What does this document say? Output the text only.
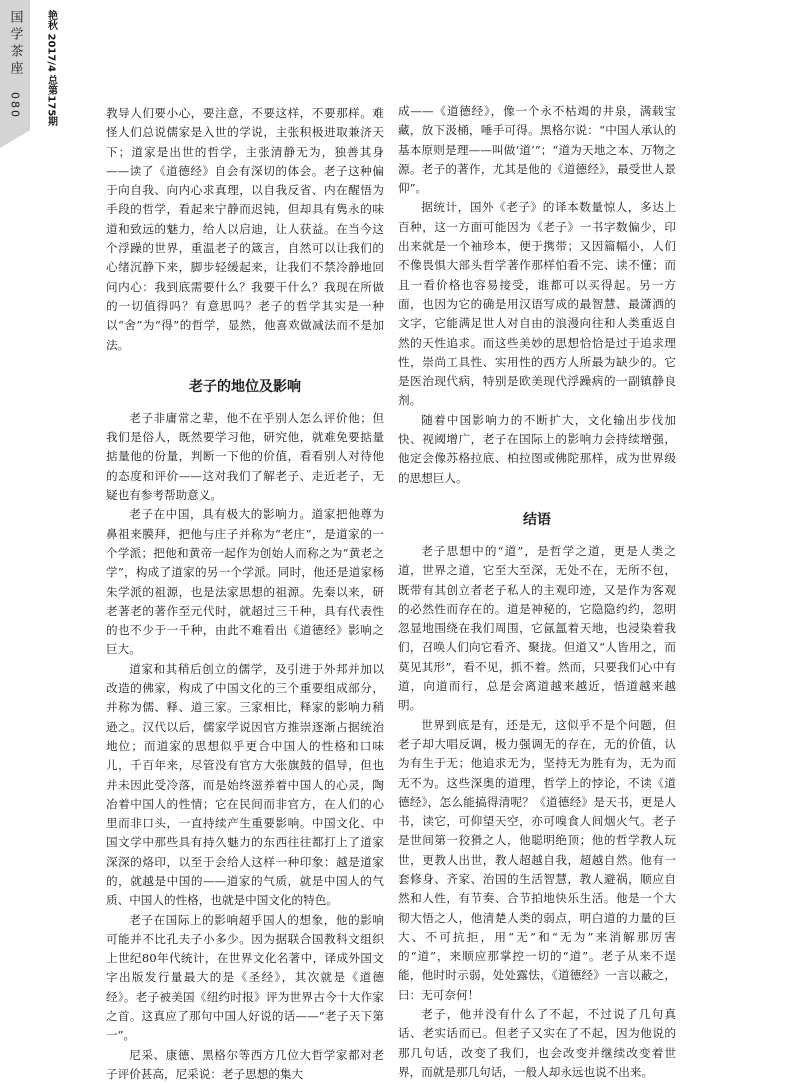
国学茶座
080	艳秋 2017/4 总第175期	教导人们要小心，要注意，不要这样，不要那样。难怪人们总说儒家是入世的学说，主张积极进取兼济天下；道家是出世的哲学，主张清静无为，独善其身——读了《道德经》自会有深切的体会。老子这种偏于向自我、向内心求真理，以自我反省、内在醒悟为手段的哲学，看起来宁静而迟钝，但却具有隽永的味道和致远的魅力，给人以启迪，让人获益。在当今这个浮躁的世界，重温老子的箴言，自然可以让我们的心绪沉静下来，脚步轻缓起来，让我们不禁冷静地回问内心：我到底需要什么？我要干什么？我现在所做的一切值得吗？有意思吗？老子的哲学其实是一种以“舍”为“得”的哲学，显然，他喜欢做减法而不是加法。

老子的地位及影响

老子非庸常之辈，他不在乎别人怎么评价他；但我们是俗人，既然要学习他，研究他，就难免要掂量掂量他的份量，判断一下他的价值，看看别人对待他的态度和评价——这对我们了解老子、走近老子，无疑也有参考帮助意义。

老子在中国，具有极大的影响力。道家把他尊为鼻祖来膜拜，把他与庄子并称为“老庄”，是道家的一个学派；把他和黄帝一起作为创始人而称之为“黄老之学”，构成了道家的另一个学派。同时，他还是道家杨朱学派的祖源，也是法家思想的祖源。先秦以来，研老著老的著作至元代时，就超过三千种，具有代表性的也不少于一千种，由此不难看出《道德经》影响之巨大。

道家和其稍后创立的儒学，及引进于外邦并加以改造的佛家，构成了中国文化的三个重要组成部分，并称为儒、释、道三家。三家相比，释家的影响力稍逊之。汉代以后，儒家学说因官方推崇逐渐占据统治地位；而道家的思想似乎更合中国人的性格和口味儿，千百年来，尽管没有官方大张旗鼓的倡导，但也并未因此受冷落，而是始终滋养着中国人的心灵，陶冶着中国人的性情；它在民间而非官方，在人们的心里而非口头，一直持续产生重要影响。中国文化、中国文学中那些具有持久魅力的东西往往都打上了道家深深的烙印，以至于会给人这样一种印象：越是道家的，就越是中国的——道家的气质，就是中国人的气质、中国人的性格，也就是中国文化的特色。

老子在国际上的影响超乎国人的想象，他的影响可能并不比孔夫子小多少。因为据联合国教科文组织上世纪80年代统计，在世界文化名著中，译成外国文字出版发行量最大的是《圣经》，其次就是《道德经》。老子被美国《纽约时报》评为世界古今十大作家之首。这真应了那句中国人好说的话——“老子天下第一”。

尼采、康德、黑格尔等西方几位大哲学家都对老子评价甚高，尼采说：老子思想的集大

成——《道德经》，像一个永不枯竭的井泉，满载宝藏，放下汲桶，唾手可得。黑格尔说：“中国人承认的基本原则是理——叫做‘道’”；“道为天地之本、万物之源。老子的著作，尤其是他的《道德经》，最受世人景仰”。

据统计，国外《老子》的译本数量惊人，多达上百种，这一方面可能因为《老子》一书字数偏少，印出来就是一个袖珍本，便于携带；又因篇幅小，人们不像畏惧大部头哲学著作那样怕看不完、读不懂；而且一看价格也容易接受，谁都可以买得起。另一方面，也因为它的确是用汉语写成的最智慧、最潇洒的文字，它能满足世人对自由的浪漫向往和人类重返自然的天性追求。而这些美妙的思想恰恰是过于追求理性，崇尚工具性、实用性的西方人所最为缺少的。它是医治现代病，特别是欧美现代浮躁病的一副镇静良剂。

随着中国影响力的不断扩大，文化输出步伐加快、视阈增广，老子在国际上的影响力会持续增强，他定会像苏格拉底、柏拉图或佛陀那样，成为世界级的思想巨人。

结语

老子思想中的“道”，是哲学之道，更是人类之道，世界之道，它至大至深，无处不在，无所不包，既带有其创立者老子私人的主观印迹，又是作为客观的必然性而存在的。道是神秘的，它隐隐约约，忽明忽显地围绕在我们周围，它氤氲着天地，也浸染着我们，召唤人们向它看齐、聚拢。但道又“人皆用之，而莫见其形”，看不见，抓不着。然而，只要我们心中有道，向道而行，总是会离道越来越近，悟道越来越明。

世界到底是有，还是无，这似乎不是个问题，但老子却大唱反调，极力强调无的存在，无的价值，认为有生于无；他追求无为，坚持无为胜有为，无为而无不为。这些深奥的道理，哲学上的悖论，不读《道德经》，怎么能搞得清呢？《道德经》是天书，更是人书，读它，可仰望天空，亦可嗅食人间烟火气。老子是世间第一狡猾之人，他聪明绝顶；他的哲学教人玩世，更教人出世，教人超越自我，超越自然。他有一套修身、齐家、治国的生活智慧，教人避祸，顺应自然和人性，有节奏、合节拍地快乐生活。他是一个大彻大悟之人，他清楚人类的弱点，明白道的力量的巨大、不可抗拒，用“无”和“无为”来消解那厉害的“道”，来顺应那掌控一切的“道”。老子从来不逞能，他时时示弱，处处露怯，《道德经》一言以蔽之，曰：无可奈何！

老子，他并没有什么了不起，不过说了几句真话、老实话而已。但老子又实在了不起，因为他说的那几句话，改变了我们，也会改变并继续改变着世界，而就是那几句话，一般人却永远也说不出来。
